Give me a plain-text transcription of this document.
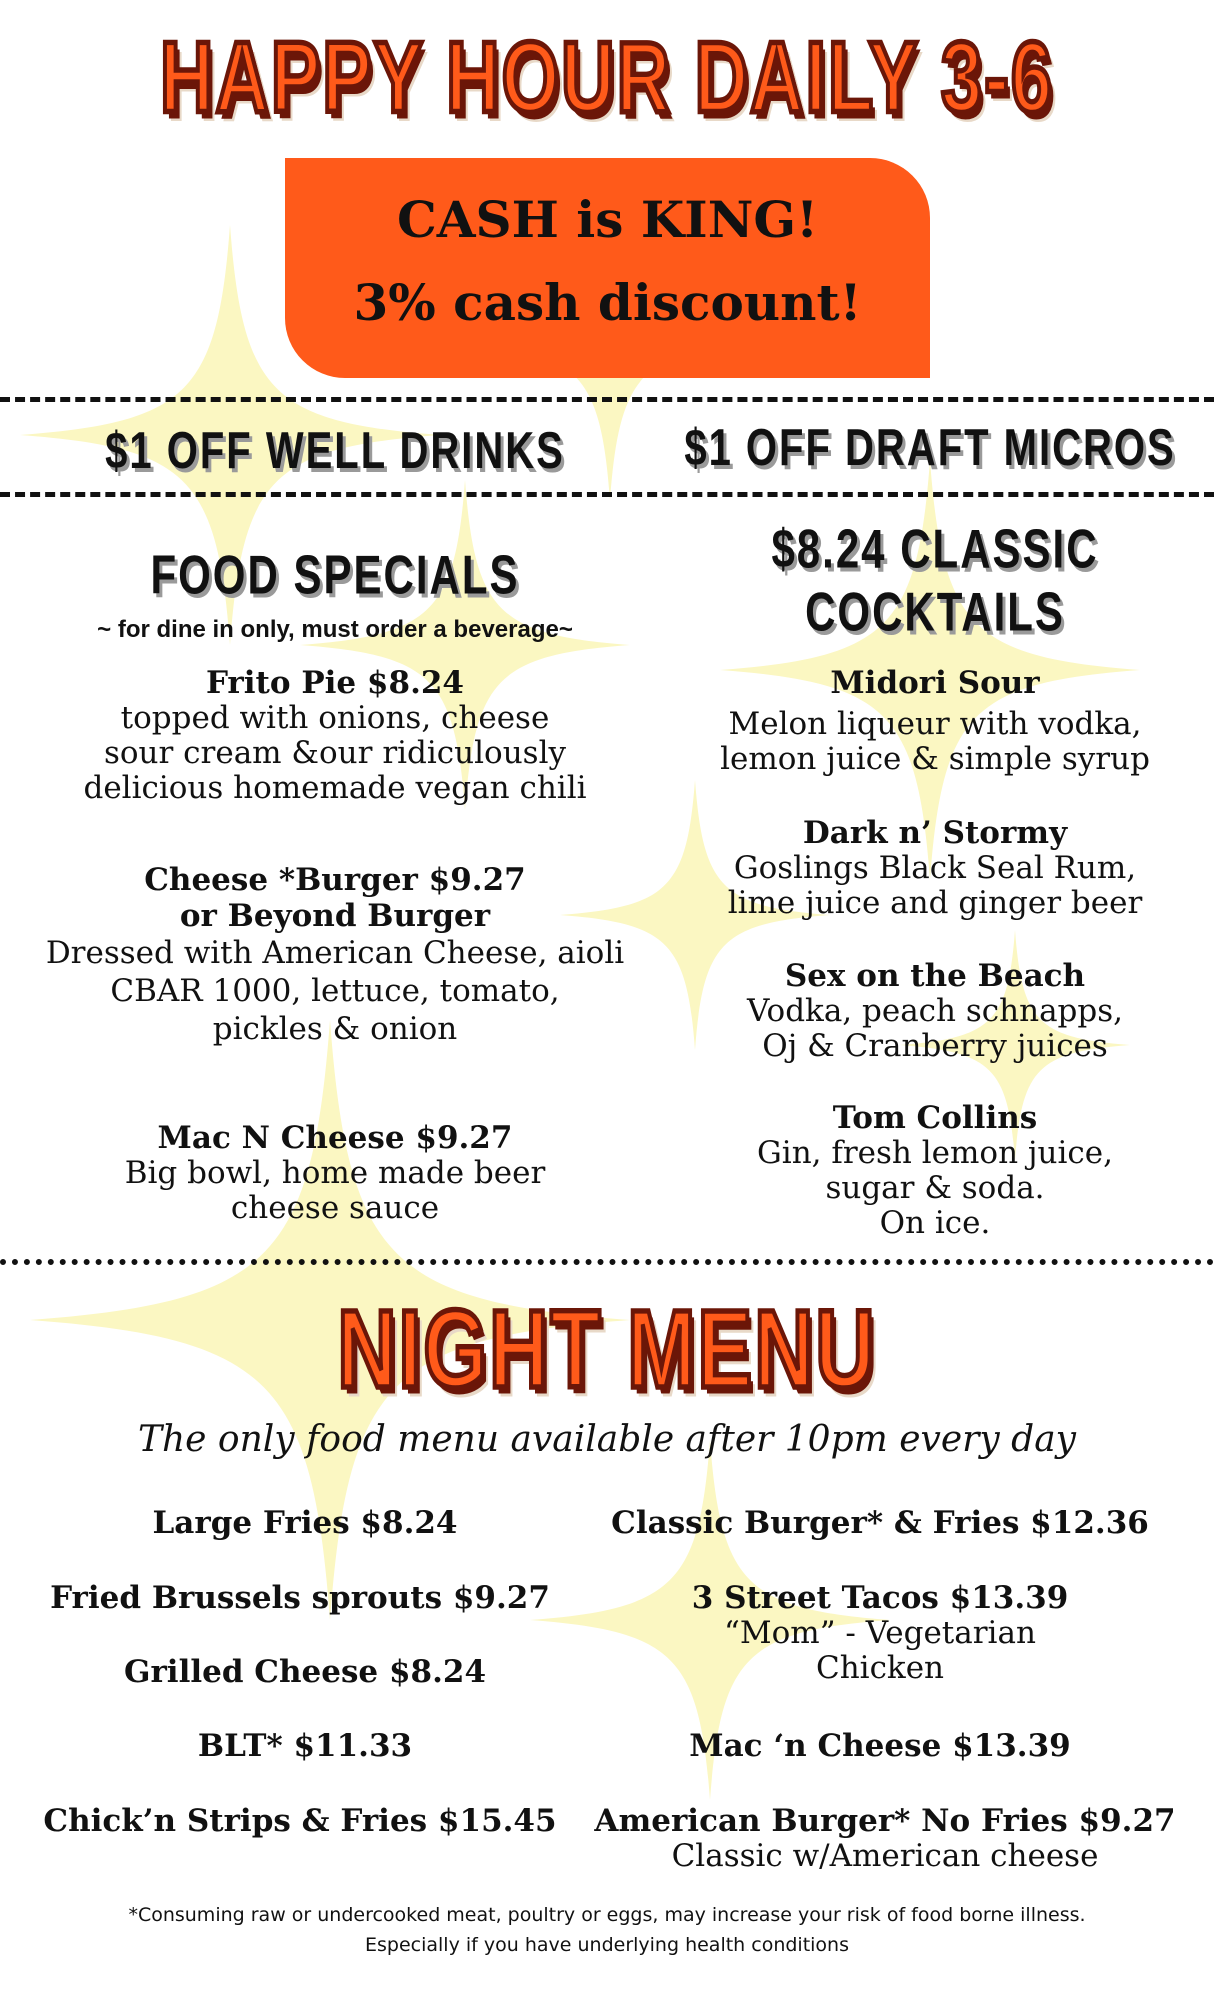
HAPPY HOUR DAILY 3-6
CASH is KING!
3% cash discount!
$1 OFF WELL DRINKS	$1 OFF DRAFT MICROS
FOOD SPECIALS
~ for dine in only, must order a beverage~
Frito Pie $8.24
topped with onions, cheese
sour cream &our ridiculously
delicious homemade vegan chili
Cheese *Burger $9.27
or Beyond Burger
Dressed with American Cheese, aioli
CBAR 1000, lettuce, tomato,
pickles & onion
Mac N Cheese $9.27
Big bowl, home made beer
cheese sauce
$8.24 CLASSIC
COCKTAILS
Midori Sour
Melon liqueur with vodka,
lemon juice & simple syrup
Dark n’ Stormy
Goslings Black Seal Rum,
lime juice and ginger beer
Sex on the Beach
Vodka, peach schnapps,
Oj & Cranberry juices
Tom Collins
Gin, fresh lemon juice,
sugar & soda.
On ice.
NIGHT MENU
The only food menu available after 10pm every day
Large Fries $8.24
Fried Brussels sprouts $9.27
Grilled Cheese $8.24
BLT* $11.33
Chick’n Strips & Fries $15.45
Classic Burger* & Fries $12.36
3 Street Tacos $13.39
“Mom” - Vegetarian
Chicken
Mac ‘n Cheese $13.39
American Burger* No Fries $9.27
Classic w/American cheese
*Consuming raw or undercooked meat, poultry or eggs, may increase your risk of food borne illness.
Especially if you have underlying health conditions
